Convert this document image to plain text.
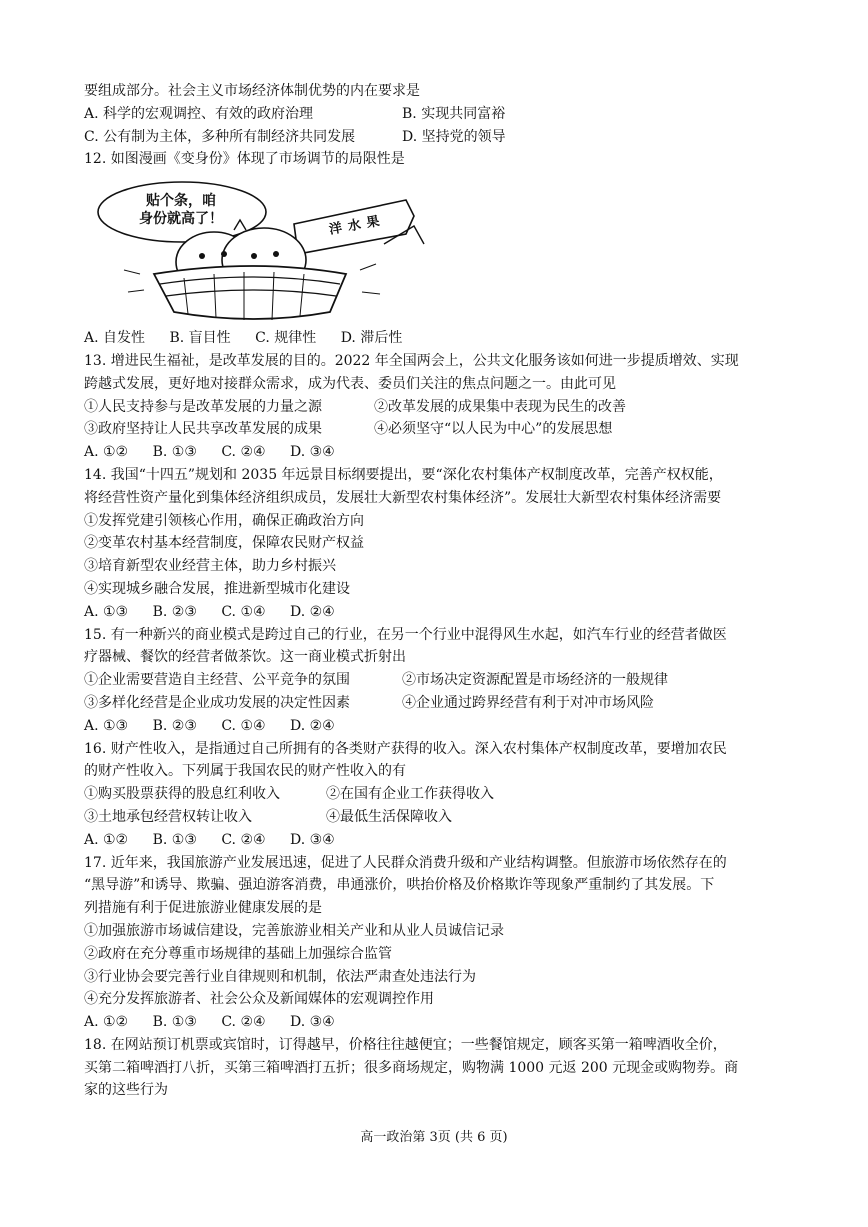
要组成部分。社会主义市场经济体制优势的内在要求是
A. 科学的宏观调控、有效的政府治理	B. 实现共同富裕
C. 公有制为主体，多种所有制经济共同发展	D. 坚持党的领导
12. 如图漫画《变身份》体现了市场调节的局限性是
贴个条，咱
身份就高了！	洋水果
A. 自发性 B. 盲目性 C. 规律性 D. 滞后性
13. 增进民生福祉，是改革发展的目的。2022 年全国两会上，公共文化服务该如何进一步提质增效、实现
跨越式发展，更好地对接群众需求，成为代表、委员们关注的焦点问题之一。由此可见
①人民支持参与是改革发展的力量之源	②改革发展的成果集中表现为民生的改善
③政府坚持让人民共享改革发展的成果	④必须坚守“以人民为中心”的发展思想
A. ①② B. ①③ C. ②④ D. ③④
14. 我国“十四五”规划和 2035 年远景目标纲要提出，要“深化农村集体产权制度改革，完善产权权能，
将经营性资产量化到集体经济组织成员，发展壮大新型农村集体经济”。发展壮大新型农村集体经济需要
①发挥党建引领核心作用，确保正确政治方向
②变革农村基本经营制度，保障农民财产权益
③培育新型农业经营主体，助力乡村振兴
④实现城乡融合发展，推进新型城市化建设
A. ①③ B. ②③ C. ①④ D. ②④
15. 有一种新兴的商业模式是跨过自己的行业，在另一个行业中混得风生水起，如汽车行业的经营者做医
疗器械、餐饮的经营者做茶饮。这一商业模式折射出
①企业需要营造自主经营、公平竞争的氛围	②市场决定资源配置是市场经济的一般规律
③多样化经营是企业成功发展的决定性因素	④企业通过跨界经营有利于对冲市场风险
A. ①③ B. ②③ C. ①④ D. ②④
16. 财产性收入，是指通过自己所拥有的各类财产获得的收入。深入农村集体产权制度改革，要增加农民
的财产性收入。下列属于我国农民的财产性收入的有
①购买股票获得的股息红利收入	②在国有企业工作获得收入
③土地承包经营权转让收入	④最低生活保障收入
A. ①② B. ①③ C. ②④ D. ③④
17. 近年来，我国旅游产业发展迅速，促进了人民群众消费升级和产业结构调整。但旅游市场依然存在的
“黑导游”和诱导、欺骗、强迫游客消费，串通涨价，哄抬价格及价格欺诈等现象严重制约了其发展。下
列措施有利于促进旅游业健康发展的是
①加强旅游市场诚信建设，完善旅游业相关产业和从业人员诚信记录
②政府在充分尊重市场规律的基础上加强综合监管
③行业协会要完善行业自律规则和机制，依法严肃查处违法行为
④充分发挥旅游者、社会公众及新闻媒体的宏观调控作用
A. ①② B. ①③ C. ②④ D. ③④
18. 在网站预订机票或宾馆时，订得越早，价格往往越便宜；一些餐馆规定，顾客买第一箱啤酒收全价，
买第二箱啤酒打八折，买第三箱啤酒打五折；很多商场规定，购物满 1000 元返 200 元现金或购物券。商
家的这些行为
高一政治第 3页 (共 6 页)
